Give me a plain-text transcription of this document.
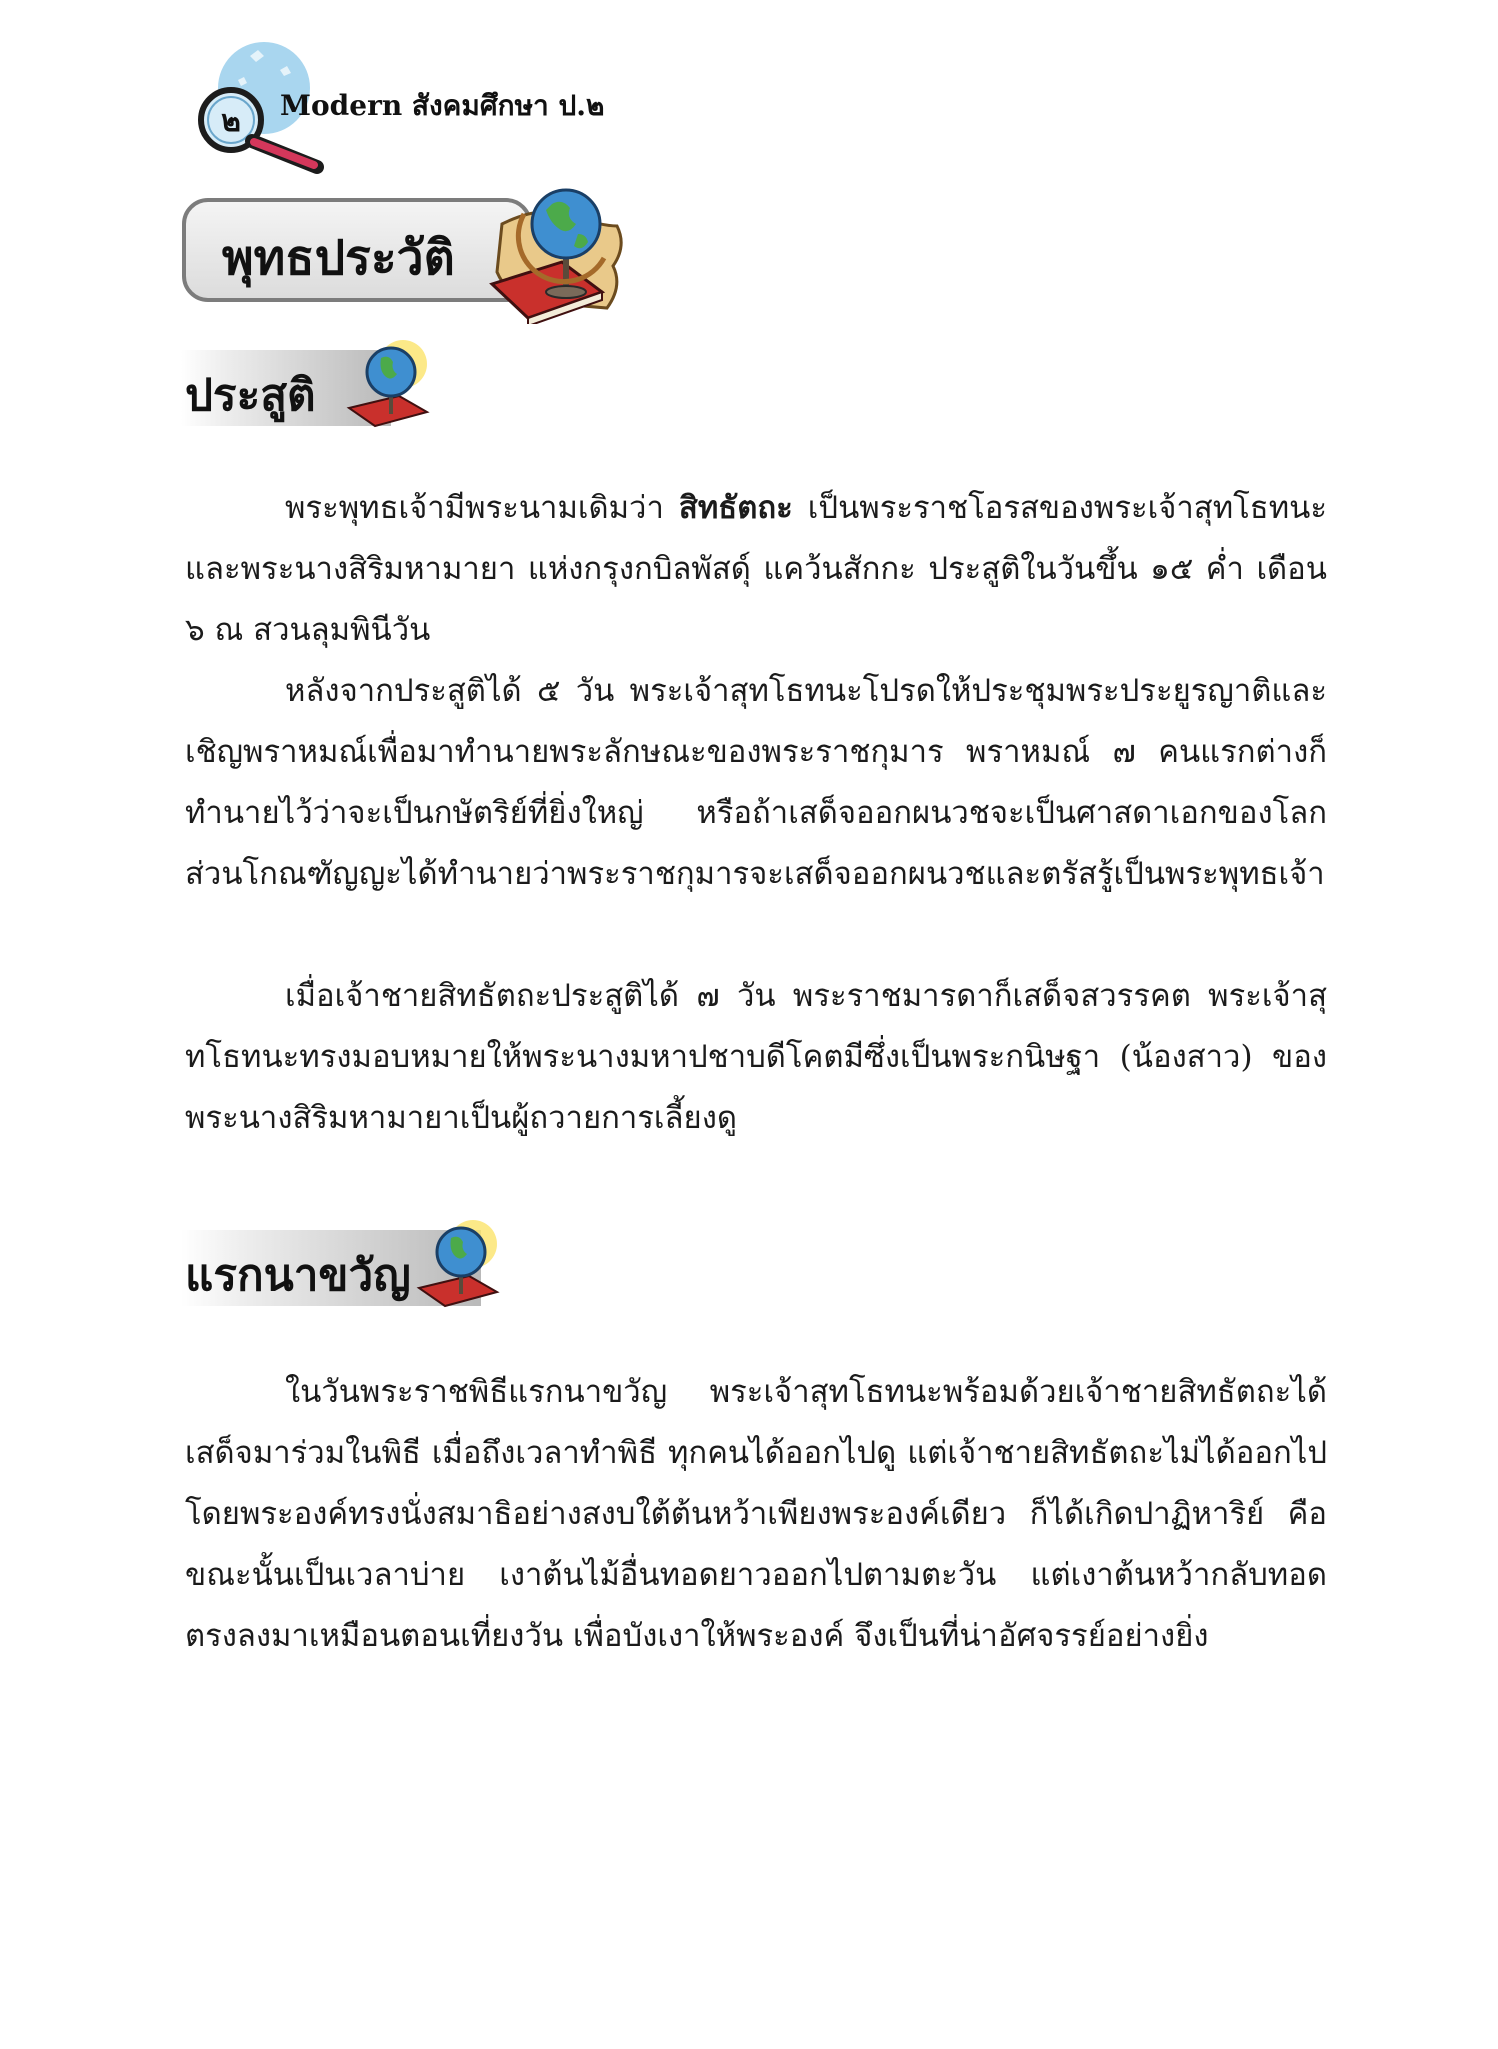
๒	Modern สังคมศึกษา ป.๒
พุทธประวัติ
ประสูติ
พระพุทธเจ้ามีพระนามเดิมว่า สิทธัตถะ เป็นพระราชโอรสของพระเจ้าสุทโธทนะและพระนางสิริมหามายา แห่งกรุงกบิลพัสดุ์ แคว้นสักกะ ประสูติในวันขึ้น ๑๕ ค่ำ เดือน ๖ ณ สวนลุมพินีวัน
หลังจากประสูติได้ ๕ วัน พระเจ้าสุทโธทนะโปรดให้ประชุมพระประยูรญาติและเชิญพราหมณ์เพื่อมาทำนายพระลักษณะของพระราชกุมาร พราหมณ์ ๗ คนแรกต่างก็ทำนายไว้ว่าจะเป็นกษัตริย์ที่ยิ่งใหญ่ หรือถ้าเสด็จออกผนวชจะเป็นศาสดาเอกของโลก ส่วนโกณฑัญญะได้ทำนายว่าพระราชกุมารจะเสด็จออกผนวชและตรัสรู้เป็นพระพุทธเจ้า
เมื่อเจ้าชายสิทธัตถะประสูติได้ ๗ วัน พระราชมารดาก็เสด็จสวรรคต พระเจ้าสุทโธทนะทรงมอบหมายให้พระนางมหาปชาบดีโคตมีซึ่งเป็นพระกนิษฐา (น้องสาว) ของพระนางสิริมหามายาเป็นผู้ถวายการเลี้ยงดู
แรกนาขวัญ
ในวันพระราชพิธีแรกนาขวัญ พระเจ้าสุทโธทนะพร้อมด้วยเจ้าชายสิทธัตถะได้เสด็จมาร่วมในพิธี เมื่อถึงเวลาทำพิธี ทุกคนได้ออกไปดู แต่เจ้าชายสิทธัตถะไม่ได้ออกไป โดยพระองค์ทรงนั่งสมาธิอย่างสงบใต้ต้นหว้าเพียงพระองค์เดียว ก็ได้เกิดปาฏิหาริย์ คือ ขณะนั้นเป็นเวลาบ่าย เงาต้นไม้อื่นทอดยาวออกไปตามตะวัน แต่เงาต้นหว้ากลับทอดตรงลงมาเหมือนตอนเที่ยงวัน เพื่อบังเงาให้พระองค์ จึงเป็นที่น่าอัศจรรย์อย่างยิ่ง
